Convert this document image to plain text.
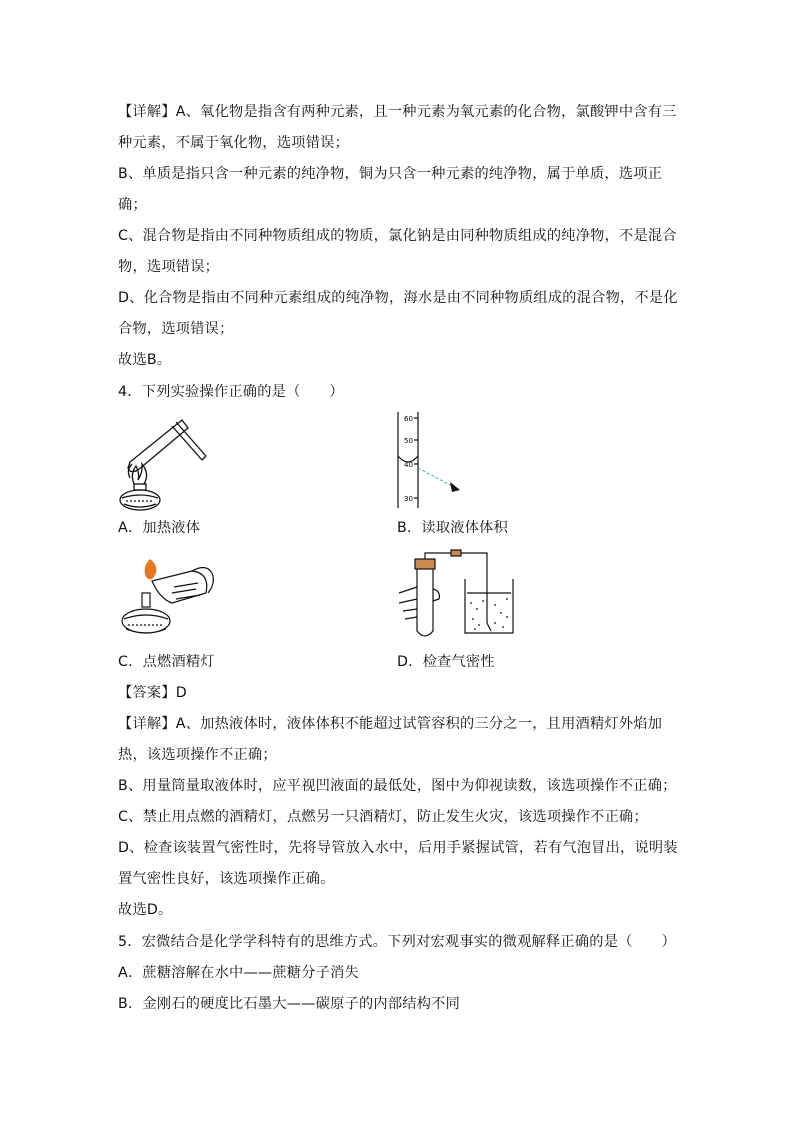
【详解】A、氧化物是指含有两种元素，且一种元素为氧元素的化合物，氯酸钾中含有三
种元素，不属于氧化物，选项错误；
B、单质是指只含一种元素的纯净物，铜为只含一种元素的纯净物，属于单质，选项正
确；
C、混合物是指由不同种物质组成的物质，氯化钠是由同种物质组成的纯净物，不是混合
物，选项错误；
D、化合物是指由不同种元素组成的纯净物，海水是由不同种物质组成的混合物，不是化
合物，选项错误；
故选B。
4．下列实验操作正确的是（　　）
60
50
40
30
A．加热液体	B．读取液体体积
C．点燃酒精灯	D．检查气密性
【答案】D
【详解】A、加热液体时，液体体积不能超过试管容积的三分之一，且用酒精灯外焰加
热，该选项操作不正确；
B、用量筒量取液体时，应平视凹液面的最低处，图中为仰视读数，该选项操作不正确；
C、禁止用点燃的酒精灯，点燃另一只酒精灯，防止发生火灾，该选项操作不正确；
D、检查该装置气密性时，先将导管放入水中，后用手紧握试管，若有气泡冒出，说明装
置气密性良好，该选项操作正确。
故选D。
5．宏微结合是化学学科特有的思维方式。下列对宏观事实的微观解释正确的是（　　）
A．蔗糖溶解在水中——蔗糖分子消失
B．金刚石的硬度比石墨大——碳原子的内部结构不同
